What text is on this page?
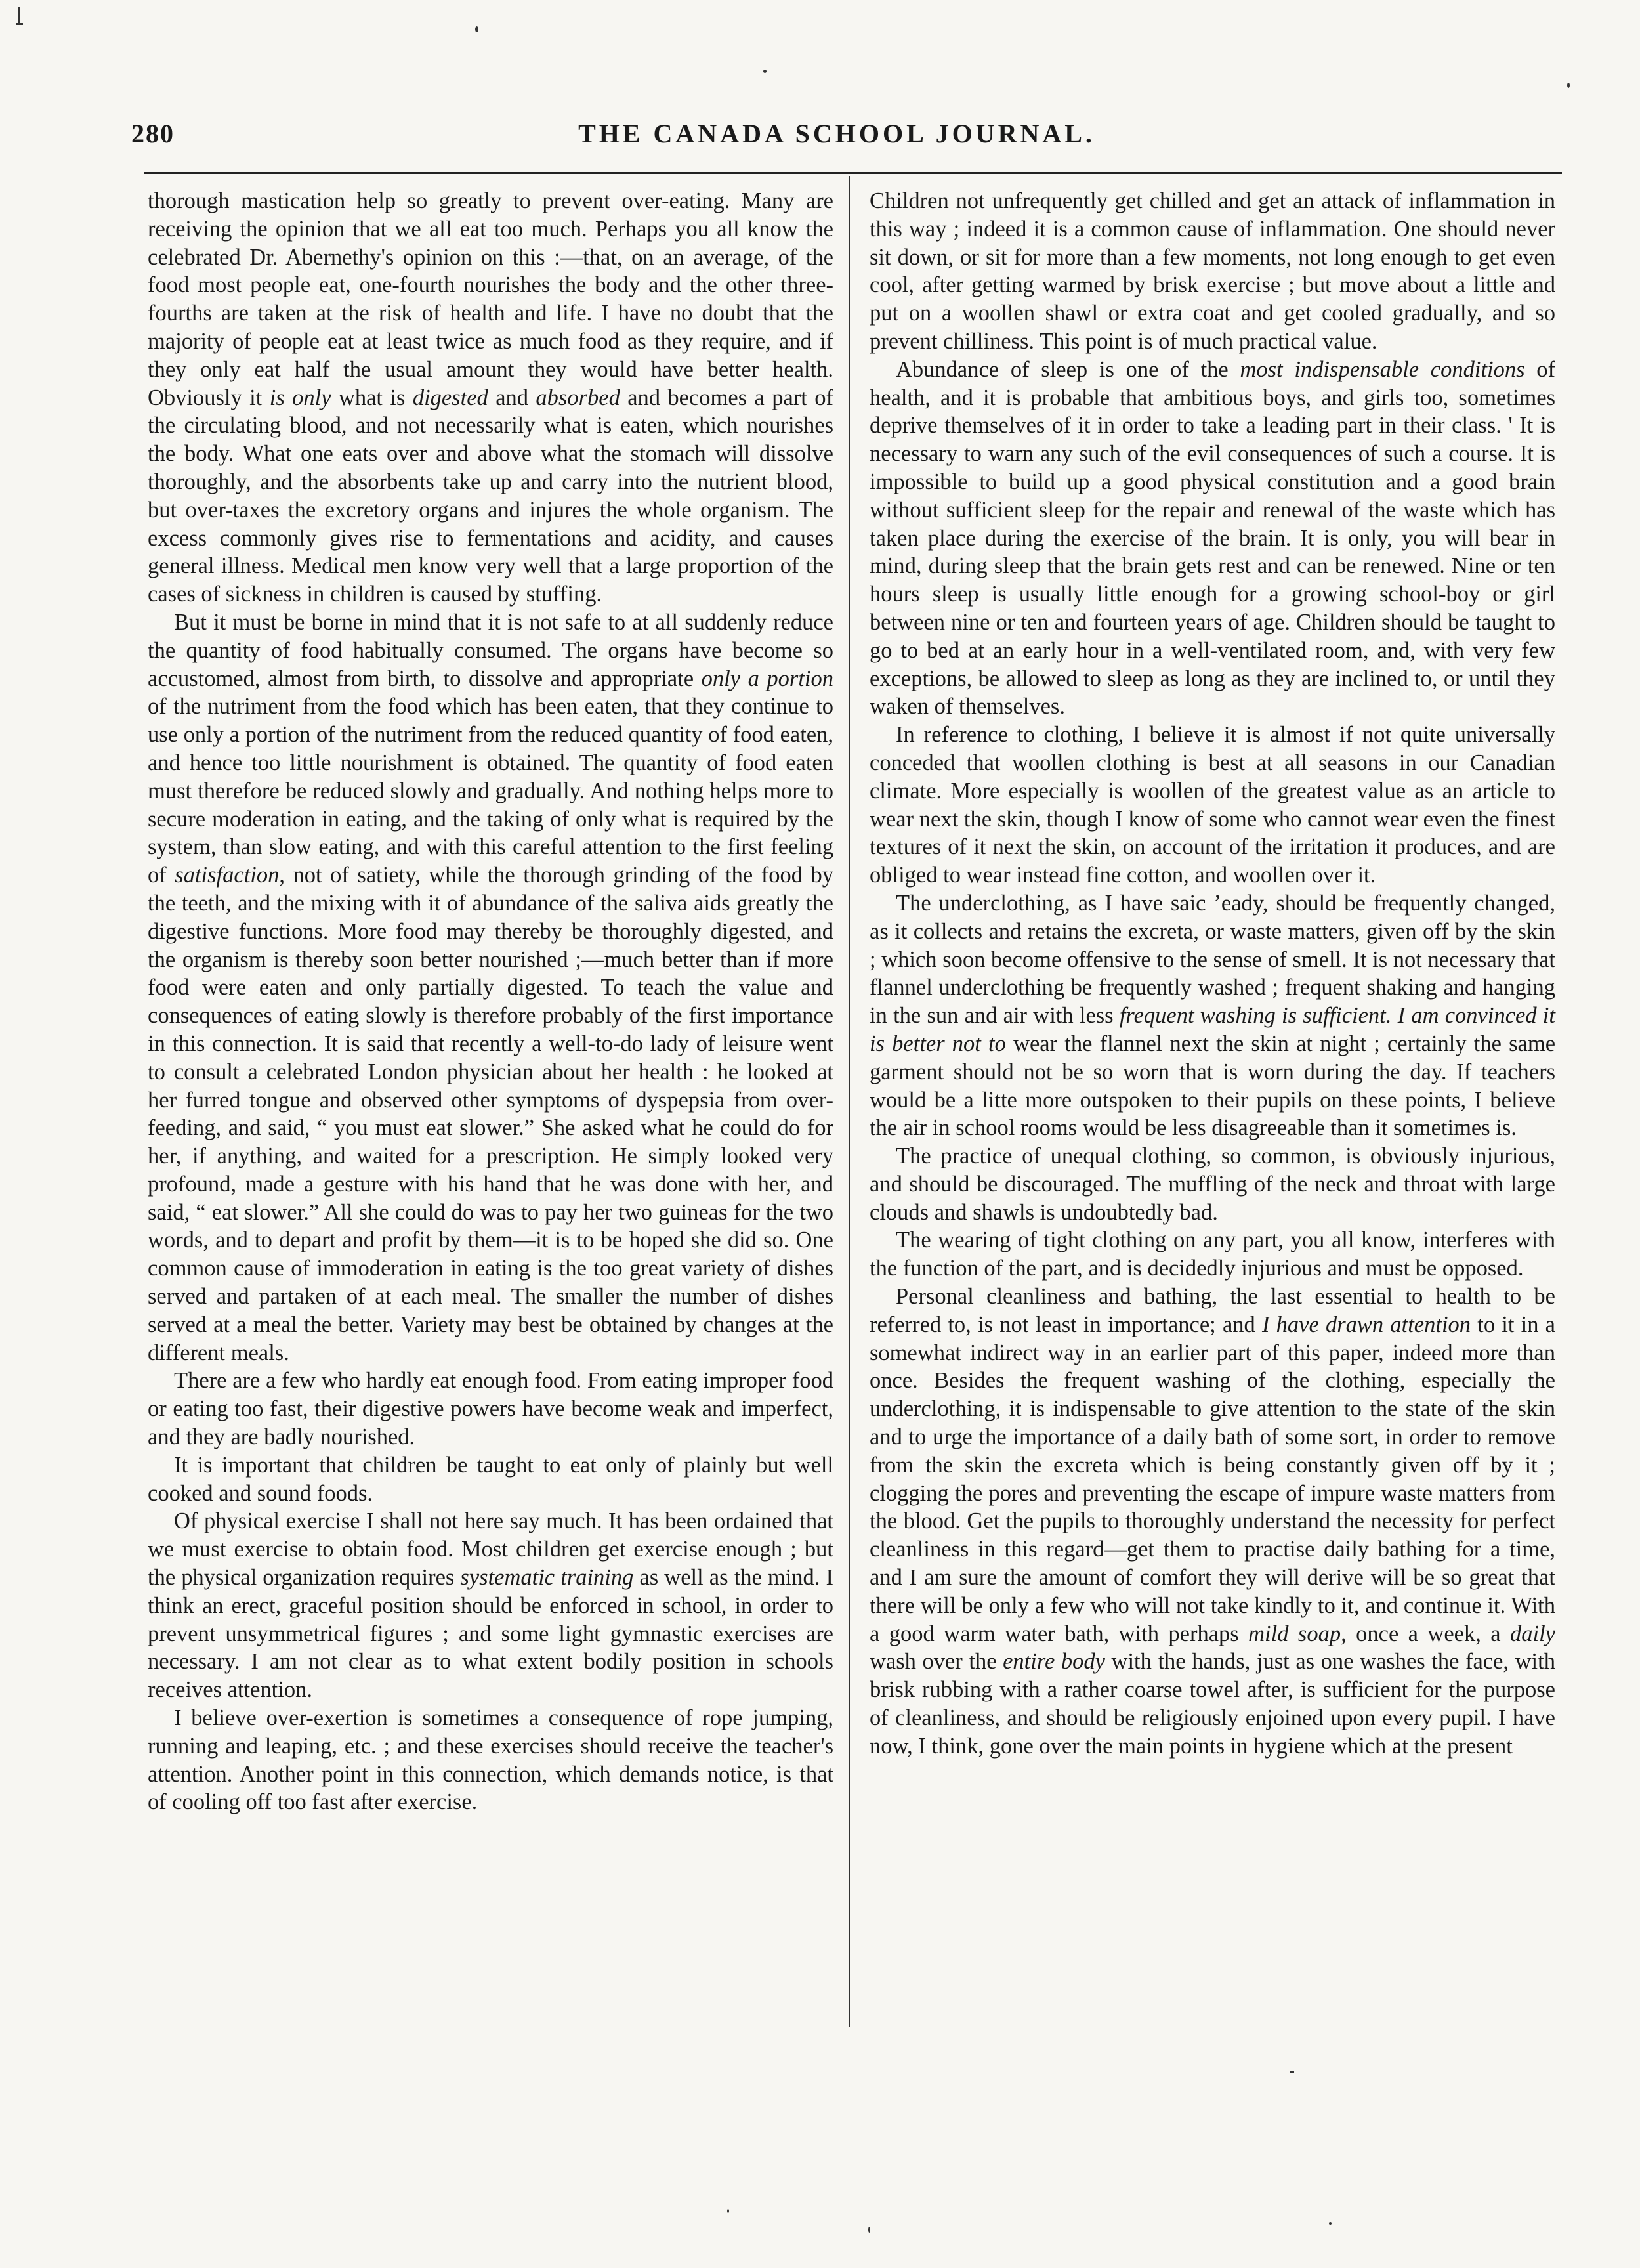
280	THE CANADA SCHOOL JOURNAL.

thorough mastication help so greatly to prevent over-eating. Many are receiving the opinion that we all eat too much. Perhaps you all know the celebrated Dr. Abernethy's opinion on this :—that, on an average, of the food most people eat, one-fourth nourishes the body and the other three-fourths are taken at the risk of health and life. I have no doubt that the majority of people eat at least twice as much food as they require, and if they only eat half the usual amount they would have better health. Obviously it is only what is digested and absorbed and becomes a part of the circulating blood, and not necessarily what is eaten, which nourishes the body. What one eats over and above what the stomach will dissolve thoroughly, and the absorbents take up and carry into the nutrient blood, but over-taxes the excretory organs and injures the whole organism. The excess commonly gives rise to fermentations and acidity, and causes general illness. Medical men know very well that a large proportion of the cases of sickness in children is caused by stuffing.

But it must be borne in mind that it is not safe to at all suddenly reduce the quantity of food habitually consumed. The organs have become so accustomed, almost from birth, to dissolve and appropriate only a portion of the nutriment from the food which has been eaten, that they continue to use only a portion of the nutriment from the reduced quantity of food eaten, and hence too little nourishment is obtained. The quantity of food eaten must therefore be reduced slowly and gradually. And nothing helps more to secure moderation in eating, and the taking of only what is required by the system, than slow eating, and with this careful attention to the first feeling of satisfaction, not of satiety, while the thorough grinding of the food by the teeth, and the mixing with it of abundance of the saliva aids greatly the digestive functions. More food may thereby be thoroughly digested, and the organism is thereby soon better nourished ;—much better than if more food were eaten and only partially digested. To teach the value and consequences of eating slowly is therefore probably of the first importance in this connection. It is said that recently a well-to-do lady of leisure went to consult a celebrated London physician about her health : he looked at her furred tongue and observed other symptoms of dyspepsia from over-feeding, and said, “ you must eat slower.” She asked what he could do for her, if anything, and waited for a prescription. He simply looked very profound, made a gesture with his hand that he was done with her, and said, “ eat slower.” All she could do was to pay her two guineas for the two words, and to depart and profit by them—it is to be hoped she did so. One common cause of immoderation in eating is the too great variety of dishes served and partaken of at each meal. The smaller the number of dishes served at a meal the better. Variety may best be obtained by changes at the different meals.

There are a few who hardly eat enough food. From eating improper food or eating too fast, their digestive powers have become weak and imperfect, and they are badly nourished.

It is important that children be taught to eat only of plainly but well cooked and sound foods.

Of physical exercise I shall not here say much. It has been ordained that we must exercise to obtain food. Most children get exercise enough ; but the physical organization requires systematic training as well as the mind. I think an erect, graceful position should be enforced in school, in order to prevent unsymmetrical figures ; and some light gymnastic exercises are necessary. I am not clear as to what extent bodily position in schools receives attention.

I believe over-exertion is sometimes a consequence of rope jumping, running and leaping, etc. ; and these exercises should receive the teacher's attention. Another point in this connection, which demands notice, is that of cooling off too fast after exercise.

Children not unfrequently get chilled and get an attack of inflammation in this way ; indeed it is a common cause of inflammation. One should never sit down, or sit for more than a few moments, not long enough to get even cool, after getting warmed by brisk exercise ; but move about a little and put on a woollen shawl or extra coat and get cooled gradually, and so prevent chilliness. This point is of much practical value.

Abundance of sleep is one of the most indispensable conditions of health, and it is probable that ambitious boys, and girls too, sometimes deprive themselves of it in order to take a leading part in their class. ' It is necessary to warn any such of the evil consequences of such a course. It is impossible to build up a good physical constitution and a good brain without sufficient sleep for the repair and renewal of the waste which has taken place during the exercise of the brain. It is only, you will bear in mind, during sleep that the brain gets rest and can be renewed. Nine or ten hours sleep is usually little enough for a growing school-boy or girl between nine or ten and fourteen years of age. Children should be taught to go to bed at an early hour in a well-ventilated room, and, with very few exceptions, be allowed to sleep as long as they are inclined to, or until they waken of themselves.

In reference to clothing, I believe it is almost if not quite universally conceded that woollen clothing is best at all seasons in our Canadian climate. More especially is woollen of the greatest value as an article to wear next the skin, though I know of some who cannot wear even the finest textures of it next the skin, on account of the irritation it produces, and are obliged to wear instead fine cotton, and woollen over it.

The underclothing, as I have saic ʼeady, should be frequently changed, as it collects and retains the excreta, or waste matters, given off by the skin ; which soon become offensive to the sense of smell. It is not necessary that flannel underclothing be frequently washed ; frequent shaking and hanging in the sun and air with less frequent washing is sufficient. I am convinced it is better not to wear the flannel next the skin at night ; certainly the same garment should not be so worn that is worn during the day. If teachers would be a litte more outspoken to their pupils on these points, I believe the air in school rooms would be less disagreeable than it sometimes is.

The practice of unequal clothing, so common, is obviously injurious, and should be discouraged. The muffling of the neck and throat with large clouds and shawls is undoubtedly bad.

The wearing of tight clothing on any part, you all know, interferes with the function of the part, and is decidedly injurious and must be opposed.

Personal cleanliness and bathing, the last essential to health to be referred to, is not least in importance; and I have drawn attention to it in a somewhat indirect way in an earlier part of this paper, indeed more than once. Besides the frequent washing of the clothing, especially the underclothing, it is indispensable to give attention to the state of the skin and to urge the importance of a daily bath of some sort, in order to remove from the skin the excreta which is being constantly given off by it ; clogging the pores and preventing the escape of impure waste matters from the blood. Get the pupils to thoroughly understand the necessity for perfect cleanliness in this regard—get them to practise daily bathing for a time, and I am sure the amount of comfort they will derive will be so great that there will be only a few who will not take kindly to it, and continue it. With a good warm water bath, with perhaps mild soap, once a week, a daily wash over the entire body with the hands, just as one washes the face, with brisk rubbing with a rather coarse towel after, is sufficient for the purpose of cleanliness, and should be religiously enjoined upon every pupil. I have now, I think, gone over the main points in hygiene which at the present
